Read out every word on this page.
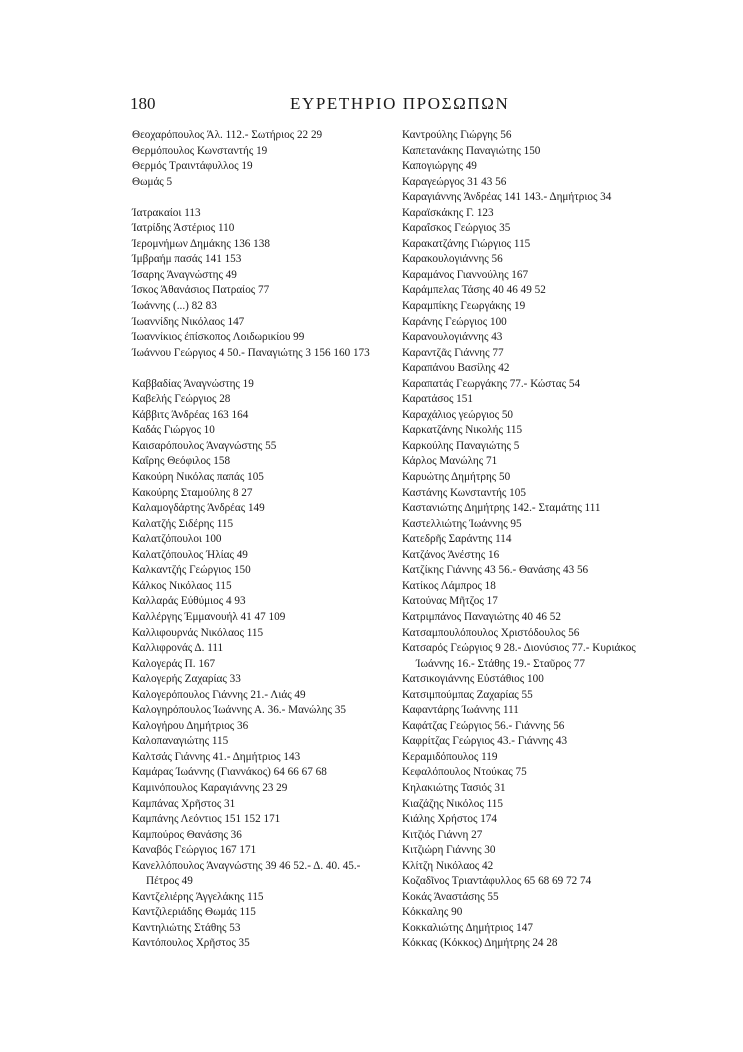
180	ΕΥΡΕΤΗΡΙΟ ΠΡΟΣΩΠΩΝ

Θεοχαρόπουλος Άλ. 112.- Σωτήριος 22 29

Θερμόπουλος Κωνσταντής 19

Θερμός Τραιντάφυλλος 19

Θωμάς 5

Ίατρακαίοι 113

Ίατρίδης Άστέριος 110

Ίερομνήμων Δημάκης 136 138

Ίμβραήμ πασάς 141 153

Ίσαρης Άναγνώστης 49

Ίσκος Άθανάσιος Πατραίος 77

Ίωάννης (...) 82 83

Ίωαννίδης Νικόλαος 147

Ίωαννίκιος έπίσκοπος Λοιδωρικίου 99

Ίωάννου Γεώργιος 4 50.- Παναγιώτης 3 156 160 173

Καββαδίας Άναγνώστης 19

Καβελής Γεώργιος 28

Κάββιτς Άνδρέας 163 164

Καδάς Γιώργος 10

Καισαρόπουλος Άναγνώστης 55

Καΐρης Θεόφιλος 158

Κακούρη Νικόλας παπάς 105

Κακούρης Σταμούλης 8 27

Καλαμογδάρτης Άνδρέας 149

Καλατζής Σιδέρης 115

Καλατζόπουλοι 100

Καλατζόπουλος Ήλίας 49

Καλκαντζής Γεώργιος 150

Κάλκος Νικόλαος 115

Καλλαράς Εύθύμιος 4 93

Καλλέργης Έμμανουήλ 41 47 109

Καλλιφουρνάς Νικόλαος 115

Καλλιφρονάς Δ. 111

Καλογεράς Π. 167

Καλογερής Ζαχαρίας 33

Καλογερόπουλος Γιάννης 21.- Λιάς 49

Καλογηρόπουλος Ίωάννης Α. 36.- Μανώλης 35

Καλογήρου Δημήτριος 36

Καλοπαναγιώτης 115

Καλτσάς Γιάννης 41.- Δημήτριος 143

Καμάρας Ίωάννης (Γιαννάκος) 64 66 67 68

Καμινόπουλος Καραγιάννης 23 29

Καμπάνας Χρῆστος 31

Καμπάνης Λεόντιος 151 152 171

Καμπούρος Θανάσης 36

Καναβός Γεώργιος 167 171

Κανελλόπουλος Άναγνώστης 39 46 52.- Δ. 40. 45.- Πέτρος 49

Καντζελιέρης Άγγελάκης 115

Καντζιλεριάδης Θωμάς 115

Καντηλιώτης Στάθης 53

Καντόπουλος Χρῆστος 35

Καντρούλης Γιώργης 56

Καπετανάκης Παναγιώτης 150

Καπογιώργης 49

Καραγεώργος 31 43 56

Καραγιάννης Άνδρέας 141 143.- Δημήτριος 34

Καραϊσκάκης Γ. 123

Καραΐσκος Γεώργιος 35

Καρακατζάνης Γιώργιος 115

Καρακουλογιάννης 56

Καραμάνος Γιαννούλης 167

Καράμπελας Τάσης 40 46 49 52

Καραμπίκης Γεωργάκης 19

Καράνης Γεώργιος 100

Καρανουλογιάννης 43

Καραντζᾶς Γιάννης 77

Καραπάνου Βασίλης 42

Καραπατάς Γεωργάκης 77.- Κώστας 54

Καρατάσος 151

Καραχάλιος γεώργιος 50

Καρκατζάνης Νικολής 115

Καρκούλης Παναγιώτης 5

Κάρλος Μανώλης 71

Καρυώτης Δημήτρης 50

Καστάνης Κωνσταντής 105

Καστανιώτης Δημήτρης 142.- Σταμάτης 111

Καστελλιώτης Ίωάννης 95

Κατεδρῆς Σαράντης 114

Κατζάνος Άνέστης 16

Κατζίκης Γιάννης 43 56.- Θανάσης 43 56

Κατίκος Λάμπρος 18

Κατούνας Μῆτζος 17

Κατριμπάνος Παναγιώτης 40 46 52

Κατσαμπουλόπουλος Χριστόδουλος 56

Κατσαρός Γεώργιος 9 28.- Διονύσιος 77.- Κυριάκος Ίωάννης 16.- Στάθης 19.- Σταῦρος 77

Κατσικογιάννης Εὐστάθιος 100

Κατσιμπούμπας Ζαχαρίας 55

Καφαντάρης Ίωάννης 111

Καφάτζας Γεώργιος 56.- Γιάννης 56

Καφρίτζας Γεώργιος 43.- Γιάννης 43

Κεραμιδόπουλος 119

Κεφαλόπουλος Ντούκας 75

Κηλακιώτης Τασιός 31

Κιαζάζης Νικόλος 115

Κιάλης Χρήστος 174

Κιτζιός Γιάννη 27

Κιτζιώρη Γιάννης 30

Κλίτζη Νικόλαος 42

Κοζαδῖνος Τριαντάφυλλος 65 68 69 72 74

Κοκάς Άναστάσης 55

Κόκκαλης 90

Κοκκαλιώτης Δημήτριος 147

Κόκκας (Κόκκος) Δημήτρης 24 28
